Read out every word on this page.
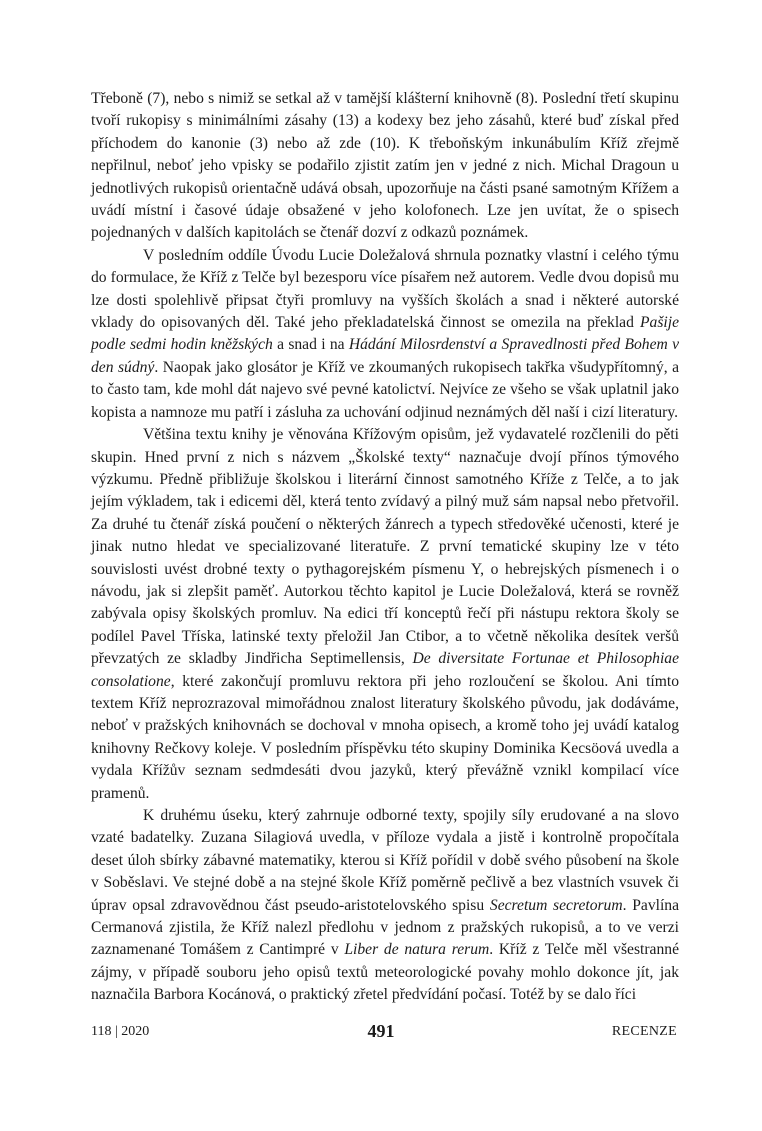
Třeboně (7), nebo s nimiž se setkal až v tamější klášterní knihovně (8). Poslední třetí skupinu tvoří rukopisy s minimálními zásahy (13) a kodexy bez jeho zásahů, které buď získal před příchodem do kanonie (3) nebo až zde (10). K třeboňským inkunábulím Kříž zřejmě nepřilnul, neboť jeho vpisky se podařilo zjistit zatím jen v jedné z nich. Michal Dragoun u jednotlivých rukopisů orientačně udává obsah, upozorňuje na části psané samotným Křížem a uvádí místní i časové údaje obsažené v jeho kolofonech. Lze jen uvítat, že o spisech pojednaných v dalších kapitolách se čtenář dozví z odkazů poznámek.

V posledním oddíle Úvodu Lucie Doležalová shrnula poznatky vlastní i celého týmu do formulace, že Kříž z Telče byl bezesporu více písařem než autorem. Vedle dvou dopisů mu lze dosti spolehlivě připsat čtyři promluvy na vyšších školách a snad i některé autorské vklady do opisovaných děl. Také jeho překladatelská činnost se omezila na překlad Pašije podle sedmi hodin kněžských a snad i na Hádání Milosrdenství a Spravedlnosti před Bohem v den súdný. Naopak jako glosátor je Kříž ve zkoumaných rukopisech takřka všudypřítomný, a to často tam, kde mohl dát najevo své pevné katolictví. Nejvíce ze všeho se však uplatnil jako kopista a namnoze mu patří i zásluha za uchování odjinud neznámých děl naší i cizí literatury.

Většina textu knihy je věnována Křížovým opisům, jež vydavatelé rozčlenili do pěti skupin. Hned první z nich s názvem „Školské texty“ naznačuje dvojí přínos týmového výzkumu. Předně přibližuje školskou i literární činnost samotného Kříže z Telče, a to jak jejím výkladem, tak i edicemi děl, která tento zvídavý a pilný muž sám napsal nebo přetvořil. Za druhé tu čtenář získá poučení o některých žánrech a typech středověké učenosti, které je jinak nutno hledat ve specializované literatuře. Z první tematické skupiny lze v této souvislosti uvést drobné texty o pythagorejském písmenu Y, o hebrejských písmenech i o návodu, jak si zlepšit paměť. Autorkou těchto kapitol je Lucie Doležalová, která se rovněž zabývala opisy školských promluv. Na edici tří konceptů řečí při nástupu rektora školy se podílel Pavel Tříska, latinské texty přeložil Jan Ctibor, a to včetně několika desítek veršů převzatých ze skladby Jindřicha Septimellensis, De diversitate Fortunae et Philosophiae consolatione, které zakončují promluvu rektora při jeho rozloučení se školou. Ani tímto textem Kříž neprozrazoval mimořádnou znalost literatury školského původu, jak dodáváme, neboť v pražských knihovnách se dochoval v mnoha opisech, a kromě toho jej uvádí katalog knihovny Rečkovy koleje. V posledním příspěvku této skupiny Dominika Kecsöová uvedla a vydala Křížův seznam sedmdesáti dvou jazyků, který převážně vznikl kompilací více pramenů.

K druhému úseku, který zahrnuje odborné texty, spojily síly erudované a na slovo vzaté badatelky. Zuzana Silagiová uvedla, v příloze vydala a jistě i kontrolně propočítala deset úloh sbírky zábavné matematiky, kterou si Kříž pořídil v době svého působení na škole v Soběslavi. Ve stejné době a na stejné škole Kříž poměrně pečlivě a bez vlastních vsuvek či úprav opsal zdravovědnou část pseudo-aristotelovského spisu Secretum secretorum. Pavlína Cermanová zjistila, že Kříž nalezl předlohu v jednom z pražských rukopisů, a to ve verzi zaznamenané Tomášem z Cantimpré v Liber de natura rerum. Kříž z Telče měl všestranné zájmy, v případě souboru jeho opisů textů meteorologické povahy mohlo dokonce jít, jak naznačila Barbora Kocánová, o praktický zřetel předvídání počasí. Totéž by se dalo říci

118 | 2020	491	RECENZE
